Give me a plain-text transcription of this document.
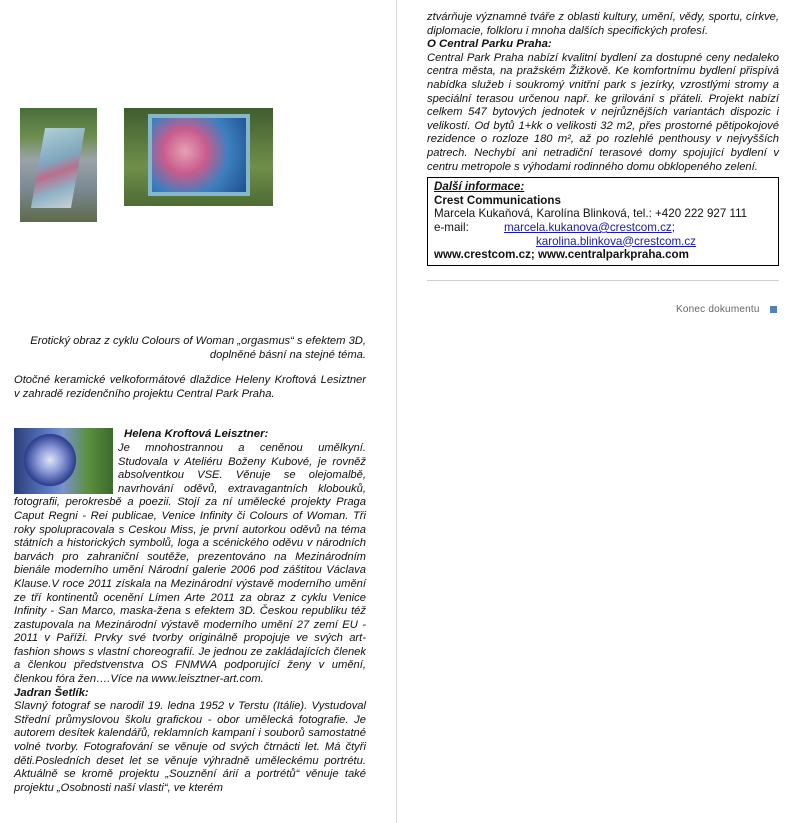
Erotický obraz z cyklu Colours of Woman „orgasmus“ s efektem 3D, doplněné básní na stejné téma.

Otočné keramické velkoformátové dlaždice Heleny Kroftová Lesiztner v zahradě rezidenčního projektu Central Park Praha.

Helena Kroftová Leisztner:

Je mnohostrannou a ceněnou umělkyní. Studovala v Ateliéru Boženy Kubové, je rovněž absolventkou VSE. Věnuje se olejomalbě, navrhování oděvů, extravagantních klobouků, fotografii, perokresbě a poezii. Stojí za ní umělecké projekty Praga Caput Regni - Rei publicae, Venice Infinity či Colours of Woman. Tři roky spolupracovala s Ceskou Miss, je první autorkou oděvů na téma státních a historických symbolů, loga a scénického oděvu v národních barvách pro zahraniční soutěže, prezentováno na Mezinárodním bienále moderního umění Národní galerie 2006 pod záštitou Václava Klause.V roce 2011 získala na Mezinárodní výstavě moderního umění ze tří kontinentů ocenění Límen Arte 2011 za obraz z cyklu Venice Infinity - San Marco, maska-žena s efektem 3D. Českou republiku též zastupovala na Mezinárodní výstavě moderního umění 27 zemí EU - 2011 v Paříži. Prvky své tvorby originálně propojuje ve svých art-fashion shows s vlastní choreografií. Je jednou ze zakládajících členek a členkou předstvenstva OS FNMWA podporující ženy v umění, členkou fóra žen….Více na www.leisztner-art.com.

Jadran Šetlík:

Slavný fotograf se narodil 19. ledna 1952 v Terstu (Itálie). Vystudoval Střední průmyslovou školu grafickou - obor umělecká fotografie. Je autorem desítek kalendářů, reklamních kampaní i souborů samostatné volné tvorby. Fotografování se věnuje od svých čtrnácti let. Má čtyři děti.Posledních deset let se věnuje výhradně uměleckému portrétu. Aktuálně se kromě projektu „Souznění árií a portrétů“ věnuje také projektu „Osobnosti naší vlasti“, ve kterém

ztvárňuje významné tváře z oblasti kultury, umění, vědy, sportu, církve, diplomacie, folkloru i mnoha dalších specifických profesí.

O Central Parku Praha:

Central Park Praha nabízí kvalitní bydlení za dostupné ceny nedaleko centra města, na pražském Žižkově. Ke komfortnímu bydlení přispívá nabídka služeb i soukromý vnitřní park s jezírky, vzrostlými stromy a speciální terasou určenou např. ke grilování s přáteli. Projekt nabízí celkem 547 bytových jednotek v nejrůznějších variantách dispozic i velikostí. Od bytů 1+kk o velikosti 32 m2, přes prostorné pětipokojové rezidence o rozloze 180 m², až po rozlehlé penthousy v nejvyšších patrech. Nechybí ani netradiční terasové domy spojující bydlení v centru metropole s výhodami rodinného domu obklopeného zelení.

Další informace:
Crest Communications
Marcela Kukaňová, Karolína Blinková, tel.: +420 222 927 111
e-mail:	marcela.kukanova@crestcom.cz; karolina.blinkova@crestcom.cz
www.crestcom.cz; www.centralparkpraha.com
Konec dokumentu
